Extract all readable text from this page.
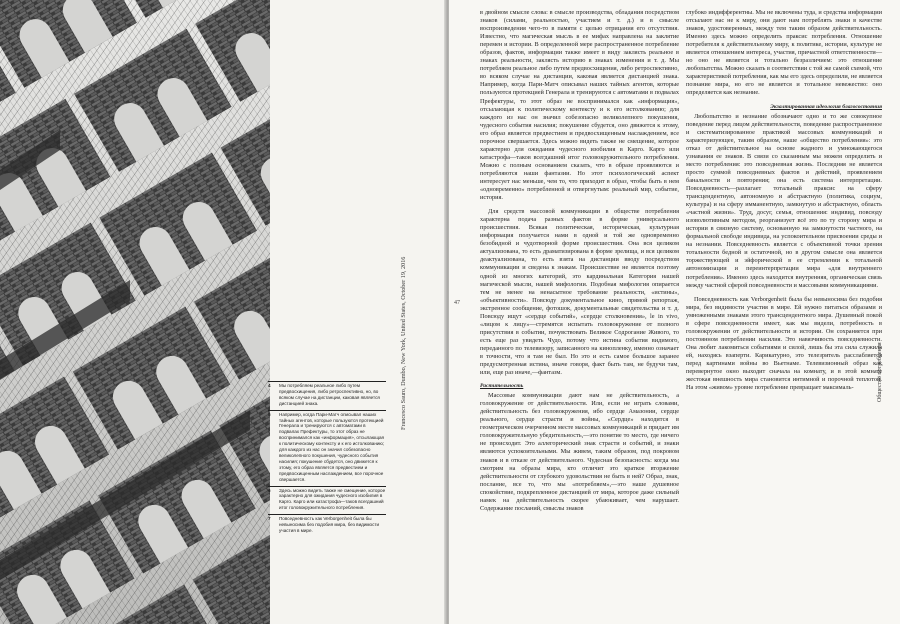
4	Мы потребляем реальное либо путем предвосхищения, либо ретроспективно, но, во всяком случае на дистанции, каковая является дистанцией знака.
5	Например, когда Пари-Матч описывал наших тайных агентов, которые пользуются протекцией Генерала и тренируются с автоматами в подвалах Префектуры, то этот образ не воспринимался как «информация», отсылающая к политическому контексту и к его истолкованию; для каждого из нас он значил собезопасно великолепного покушения, чудесного события насилия; покушение сбудется, оно движется к этому, его образ является предвестием и предвосхищенным наслаждением, все порочное свершается.
6	Здесь можно видеть также не смещение, которое характерно для ожидания чудесного изобилия в Карго. Карго или катастрофа—таков всегдашний итог головокружительного потребления.
7	Повседневность как Verborgenheit была бы невыносима без подобия мира, без видимости участия в мире.
Francesco Sauro, Dumbo, New York, United States, October 19, 2016	47

в двойном смысле слова: в смысле производства, обладания посредством знаков (силами, реальностью, участием и т. д.) и в смысле воспроизведения чего-то в памяти с целью отрицания его отсутствия. Известно, что магическая мысль в ее мифах направлена на заклятие перемен и истории. В определенной мере распространенное потребление образов, фактов, информации также имеет в виду заклясть реальное в знаках реальности, заклясть историю в знаках изменения и т. д. Мы потребляем реальное либо путем предвосхищения, либо ретроспективно, во всяком случае на дистанции, каковая является дистанцией знака. Например, когда Пари-Матч описывал наших тайных агентов, которые пользуются протекцией Генерала и тренируются с автоматами в подвалах Префектуры, то этот образ не воспринимался как «информация», отсылающая к политическому контексту и к его истолкованию; для каждого из нас он значил собезопасно великолепного покушения, чудесного события насилия; покушение сбудется, оно движется к этому, его образ является предвестием и предвосхищенным наслаждением, все порочное свершается. Здесь можно видеть также не смещение, которое характерно для ожидания чудесного изобилия в Карго. Карго или катастрофа—таков всегдашний итог головокружительного потребления. Можно с полным основанием сказать, что в образе проявляются и потребляются наши фантазии. Но этот психологический аспект интересует нас меньше, чем то, что приходит в образ, чтобы быть в нем «одновременно» потребленной и отвергнутым: реальный мир, событие, история.

Для средств массовой коммуникации в обществе потребления характерна подача разных фактов в форме универсального происшествия. Всякая политическая, историческая, культурная информация получается нами в одной и той же одновременно безобидной и чудотворной форме происшествия. Она вся целиком актуализована, то есть драматизирована в форме зрелища, и вся целиком деактуализована, то есть взята на дистанции вводу посредством коммуникации и сведена к знакам. Происшествие не является поэтому одной из многих категорий, это кардинальная Категория нашей магической мысли, нашей мифологии. Подобная мифология опирается тем не менее на ненасытное требование реальности, «истины», «объективности». Повсюду документальное кино, прямой репортаж, экстренное сообщение, фотошок, документальные свидетельства и т. д. Повсюду ищут «сердце событий», «сердце столкновения», le in vivo, «лицом к лицу»—стремятся испытать головокружение от полного присутствия в событии, почувствовать Великое Содрогание Живого, то есть еще раз увидеть Чудо, потому что истина события видимого, переданного по телевизору, записанного на кинопленку, именно означает в точности, что я там не был. Но это и есть самое большое заранее предусмотренная истина, иначе говоря, факт быть там, не будучи там, или, еще раз иначе,—фантазм.

Растительность

Массовые коммуникации дают нам не действительность, а головокружение от действительности. Или, если не играть словами, действительность без головокружения, ибо сердце Амазонии, сердце реального, сердце страсти и войны, «Сердце» находится в геометрическом очерченном месте массовых коммуникаций и придает им головокружительную убедительность,—это понятие то место, где ничего не происходит. Это аллегорический знак страсти и событий, и знаки являются успокоительными. Мы живем, таким образом, под покровом знаков и в отказе от действительного. Чудесная безопасность: когда мы смотрим на образы мира, кто отличит это краткое вторжение действительности от глубокого удовольствия не быть в ней? Образ, знак, послание, все то, что мы «потребляем»,—это наше душевное спокойствие, подкрепленное дистанцией от мира, которое даже сильный намек на действительность скорее убаюкивает, чем нарушает. Содержание посланий, смыслы знаков

глубоко индифферентны. Мы не включены туда, и средства информации отсылают нас не к миру, они дают нам потреблять знаки в качестве знаков, удостоверенных, между тем таким образом действительность. Именно здесь можно определить праксис потребления. Отношение потребителя к действительному миру, к политике, истории, культуре не является отношением интереса, участия, причастной ответственности—но оно не является и тотально безразличием: это отношение любопытства. Можно сказать в соответствии с той же самой схемой, что характеристикой потребления, как мы его здесь определили, не является познание мира, но его не является и тотальное невежество: оно определяется как незнание.

Экзалтированная идеология благосостояния

Любопытство и незнание обозначают одно и то же совокупное поведение перед лицом действительности, поведение распространенное и систематизированное практикой массовых коммуникаций и характеризующее, таким образом, наше «общество потребления»: это отказ от действительное на основе жадного и умножающегося узнавания ее знаков. В связи со сказанным мы можем определить и место потребления: это повседневная жизнь. Последняя не является просто суммой повседневных фактов и действий, проявлением банальности и повторения; она есть система интерпретации. Повседневность—разлагает тотальный праксис на сферу трансцендентную, автономную и абстрактную (политика, социум, культура) и на сферу имманентную, замкнутую и абстрактную, область «частной жизни». Труд, досуг, семья, отношения: индивид, повсюду изоволютивным методом, реорганизует всё это по ту сторону мира и истории в связную систему, основанную на замкнутости частного, на формальной свободе индивида, на успокоительном присвоении среды и на незнании. Повседневность является с объективной точки зрения тотальности бедной и остаточной, но в другом смысле она является торжествующей и эйфорической в ее стремлении к тотальной автономизации и переинтерпретации мира «для внутреннего потребления». Именно здесь находится внутренняя, органическая связь между частной сферой повседневности и массовыми коммуникациями.

Повседневность как Verborgenheit была бы невыносима без подобия мира, без видимости участия в мире. Ей нужно питаться образами и умноженными знаками этого трансцендентного мира. Душевный покой в сфере повседневности имеет, как мы видели, потребность в головокружении от действительности и истории. Он сохраняется при постоянном потреблении насилия. Это навязчивость повседневности. Она любит лакомиться событиями и силой, лишь бы эта сила служила ей, находясь взаперти. Карикатурно, это телезритель расслабляется перед картинами войны во Вьетнаме. Телевизионный образ как перевернутое окно выходит сначала на комнату, и в этой комнате жестокая внешность мира становится интимной и порочной теплотой. На этом «живом» уровне потребление превращает максималь-	Общество потребления
